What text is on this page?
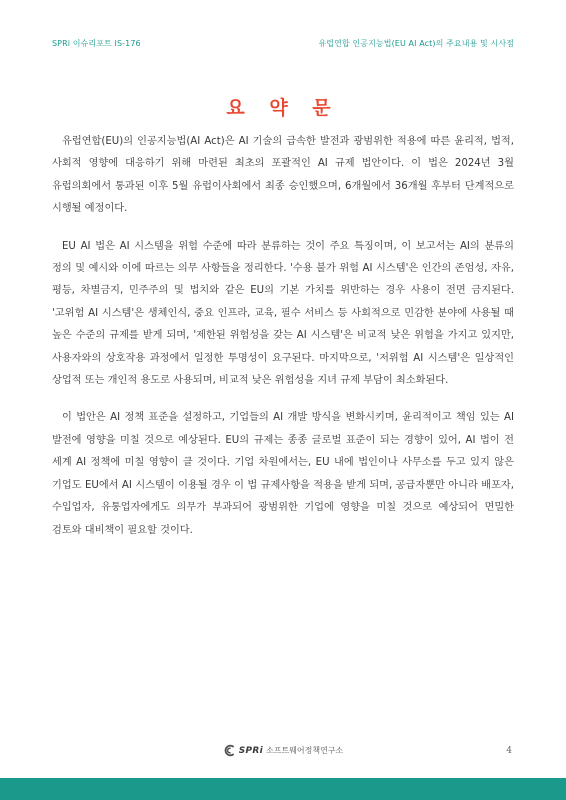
SPRi 이슈리포트 IS-176	유럽연합 인공지능법(EU AI Act)의 주요내용 및 시사점
요 약 문

유럽연합(EU)의 인공지능법(AI Act)은 AI 기술의 급속한 발전과 광범위한 적용에 따른 윤리적, 법적, 사회적 영향에 대응하기 위해 마련된 최초의 포괄적인 AI 규제 법안이다. 이 법은 2024년 3월 유럽의회에서 통과된 이후 5월 유럽이사회에서 최종 승인했으며, 6개월에서 36개월 후부터 단계적으로 시행될 예정이다.

EU AI 법은 AI 시스템을 위험 수준에 따라 분류하는 것이 주요 특징이며, 이 보고서는 AI의 분류의 정의 및 예시와 이에 따르는 의무 사항들을 정리한다. '수용 불가 위험 AI 시스템'은 인간의 존엄성, 자유, 평등, 차별금지, 민주주의 및 법치와 같은 EU의 기본 가치를 위반하는 경우 사용이 전면 금지된다. '고위험 AI 시스템'은 생체인식, 중요 인프라, 교육, 필수 서비스 등 사회적으로 민감한 분야에 사용될 때 높은 수준의 규제를 받게 되며, '제한된 위험성을 갖는 AI 시스템'은 비교적 낮은 위험을 가지고 있지만, 사용자와의 상호작용 과정에서 일정한 투명성이 요구된다. 마지막으로, '저위험 AI 시스템'은 일상적인 상업적 또는 개인적 용도로 사용되며, 비교적 낮은 위험성을 지녀 규제 부담이 최소화된다.

이 법안은 AI 정책 표준을 설정하고, 기업들의 AI 개발 방식을 변화시키며, 윤리적이고 책임 있는 AI 발전에 영향을 미칠 것으로 예상된다. EU의 규제는 종종 글로벌 표준이 되는 경향이 있어, AI 법이 전 세계 AI 정책에 미칠 영향이 클 것이다. 기업 차원에서는, EU 내에 법인이나 사무소를 두고 있지 않은 기업도 EU에서 AI 시스템이 이용될 경우 이 법 규제사항을 적용을 받게 되며, 공급자뿐만 아니라 배포자, 수입업자, 유통업자에게도 의무가 부과되어 광범위한 기업에 영향을 미칠 것으로 예상되어 면밀한 검토와 대비책이 필요할 것이다.

SPRi 소프트웨어정책연구소	4
